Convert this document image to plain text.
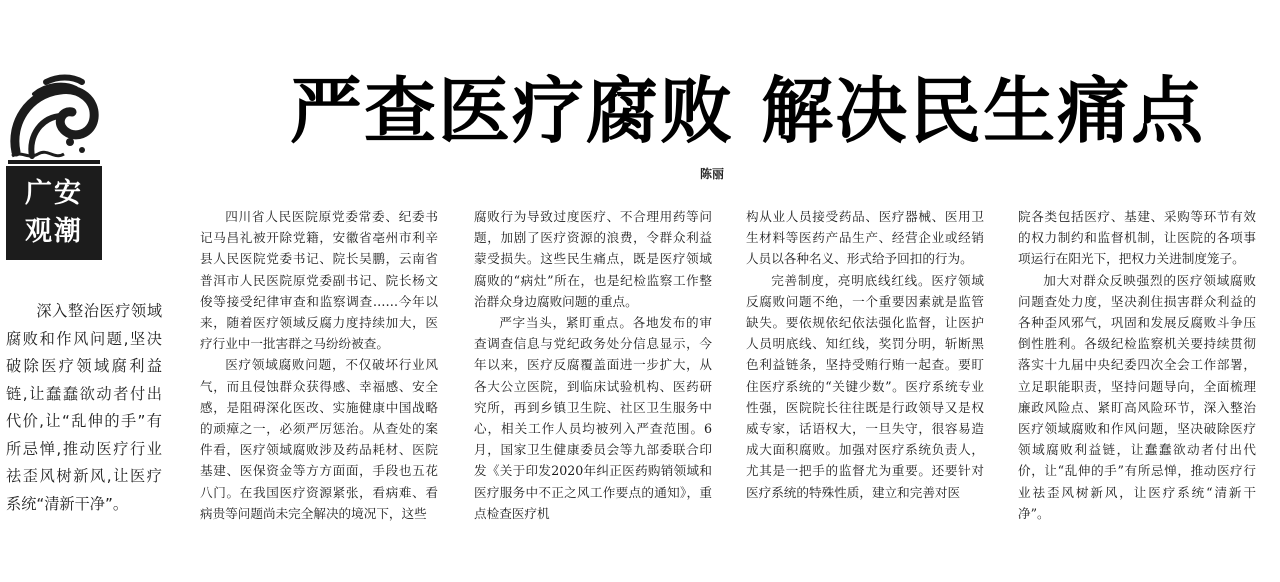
广安
观潮

深入整治医疗领域腐败和作风问题,坚决破除医疗领域腐利益链,让蠢蠢欲动者付出代价,让“乱伸的手”有所忌惮,推动医疗行业祛歪风树新风,让医疗系统“清新干净”。

严查医疗腐败 解决民生痛点
陈丽

四川省人民医院原党委常委、纪委书记马昌礼被开除党籍，安徽省亳州市利辛县人民医院党委书记、院长吴鹏，云南省普洱市人民医院原党委副书记、院长杨文俊等接受纪律审查和监察调查……今年以来，随着医疗领域反腐力度持续加大，医疗行业中一批害群之马纷纷被查。

医疗领域腐败问题，不仅破坏行业风气，而且侵蚀群众获得感、幸福感、安全感，是阻碍深化医改、实施健康中国战略的顽瘴之一，必须严厉惩治。从查处的案件看，医疗领域腐败涉及药品耗材、医院基建、医保资金等方方面面，手段也五花八门。在我国医疗资源紧张，看病难、看病贵等问题尚未完全解决的境况下，这些

腐败行为导致过度医疗、不合理用药等问题，加剧了医疗资源的浪费，令群众利益蒙受损失。这些民生痛点，既是医疗领域腐败的“病灶”所在，也是纪检监察工作整治群众身边腐败问题的重点。

严字当头，紧盯重点。各地发布的审查调查信息与党纪政务处分信息显示，今年以来，医疗反腐覆盖面进一步扩大，从各大公立医院，到临床试验机构、医药研究所，再到乡镇卫生院、社区卫生服务中心，相关工作人员均被列入严查范围。6月，国家卫生健康委员会等九部委联合印发《关于印发2020年纠正医药购销领域和医疗服务中不正之风工作要点的通知》，重点检查医疗机

构从业人员接受药品、医疗器械、医用卫生材料等医药产品生产、经营企业或经销人员以各种名义、形式给予回扣的行为。

完善制度，亮明底线红线。医疗领域反腐败问题不绝，一个重要因素就是监管缺失。要依规依纪依法强化监督，让医护人员明底线、知红线，奖罚分明，斩断黑色利益链条，坚持受贿行贿一起查。要盯住医疗系统的“关键少数”。医疗系统专业性强，医院院长往往既是行政领导又是权威专家，话语权大，一旦失守，很容易造成大面积腐败。加强对医疗系统负责人，尤其是一把手的监督尤为重要。还要针对医疗系统的特殊性质，建立和完善对医

院各类包括医疗、基建、采购等环节有效的权力制约和监督机制，让医院的各项事项运行在阳光下，把权力关进制度笼子。

加大对群众反映强烈的医疗领域腐败问题查处力度，坚决刹住损害群众利益的各种歪风邪气，巩固和发展反腐败斗争压倒性胜利。各级纪检监察机关要持续贯彻落实十九届中央纪委四次全会工作部署，立足职能职责，坚持问题导向，全面梳理廉政风险点、紧盯高风险环节，深入整治医疗领域腐败和作风问题，坚决破除医疗领域腐败利益链，让蠢蠢欲动者付出代价，让“乱伸的手”有所忌惮，推动医疗行业祛歪风树新风，让医疗系统“清新干净”。
